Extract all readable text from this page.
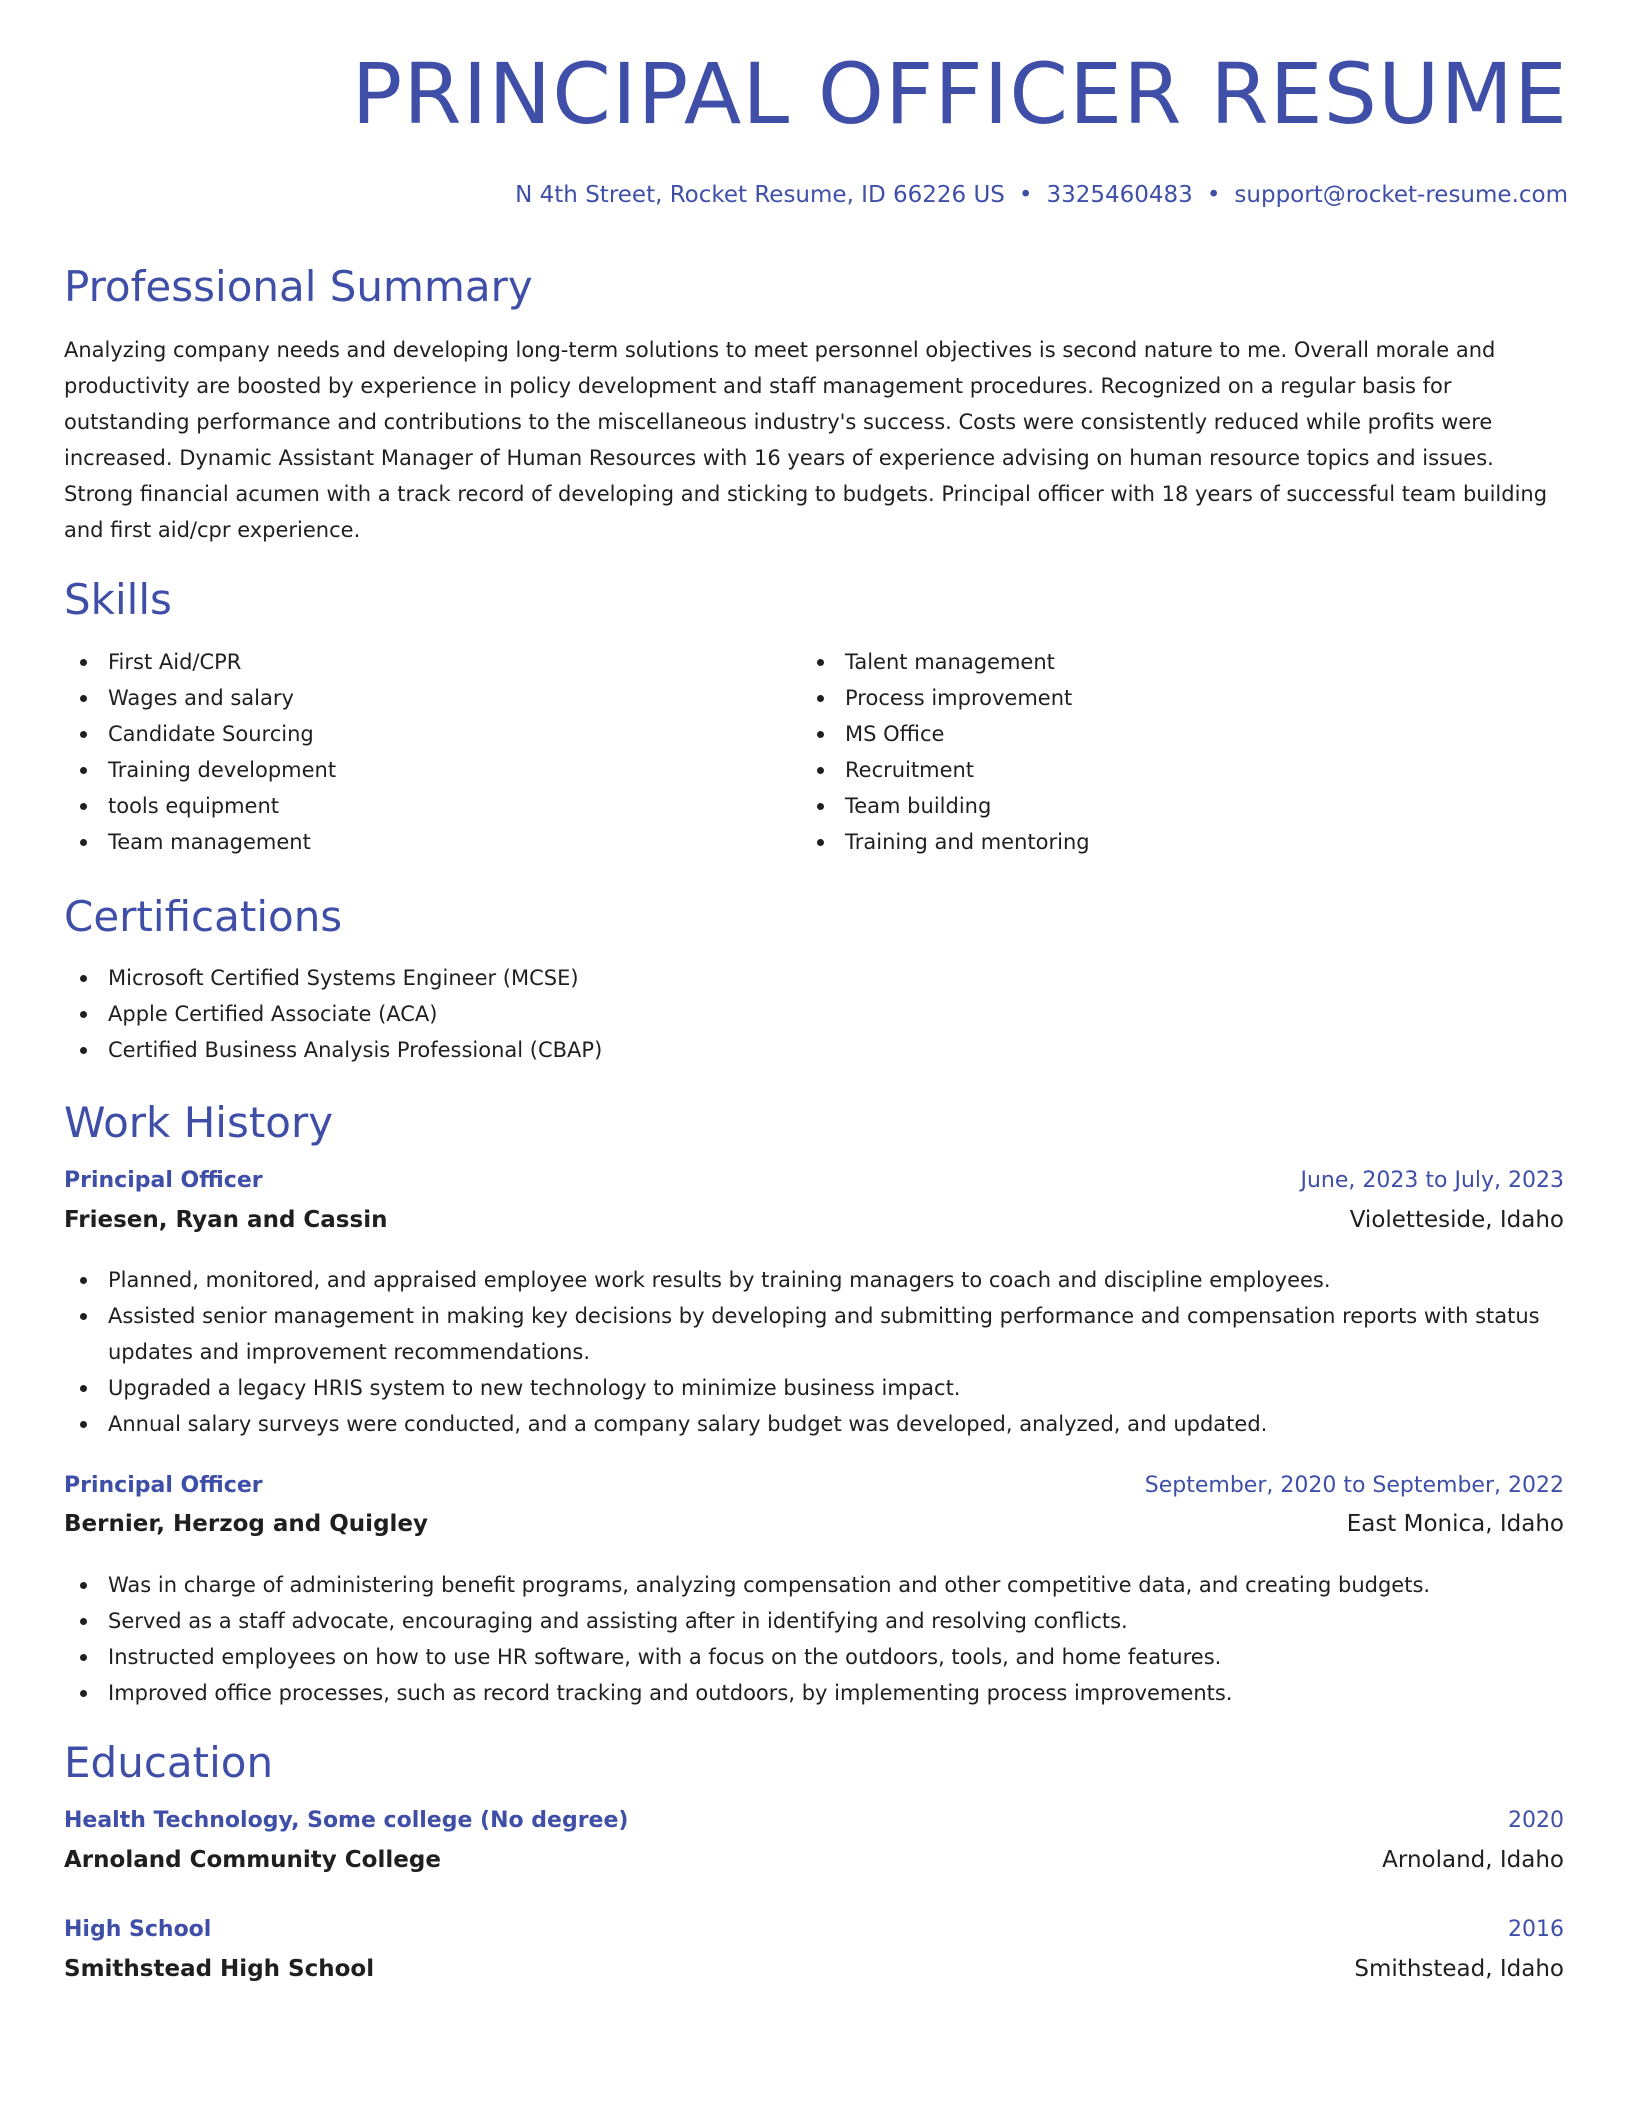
PRINCIPAL OFFICER RESUME
N 4th Street, Rocket Resume, ID 66226 US • 3325460483 • support@rocket-resume.com
Professional Summary

Analyzing company needs and developing long-term solutions to meet personnel objectives is second nature to me. Overall morale and productivity are boosted by experience in policy development and staff management procedures. Recognized on a regular basis for outstanding performance and contributions to the miscellaneous industry's success. Costs were consistently reduced while profits were increased. Dynamic Assistant Manager of Human Resources with 16 years of experience advising on human resource topics and issues. Strong financial acumen with a track record of developing and sticking to budgets. Principal officer with 18 years of successful team building and first aid/cpr experience.

Skills
First Aid/CPR
Wages and salary
Candidate Sourcing
Training development
tools equipment
Team management
Talent management
Process improvement
MS Office
Recruitment
Team building
Training and mentoring
Certifications
Microsoft Certified Systems Engineer (MCSE)
Apple Certified Associate (ACA)
Certified Business Analysis Professional (CBAP)
Work History
Principal Officer	June, 2023 to July, 2023
Friesen, Ryan and Cassin	Violetteside, Idaho
Planned, monitored, and appraised employee work results by training managers to coach and discipline employees.
Assisted senior management in making key decisions by developing and submitting performance and compensation reports with status updates and improvement recommendations.
Upgraded a legacy HRIS system to new technology to minimize business impact.
Annual salary surveys were conducted, and a company salary budget was developed, analyzed, and updated.
Principal Officer	September, 2020 to September, 2022
Bernier, Herzog and Quigley	East Monica, Idaho
Was in charge of administering benefit programs, analyzing compensation and other competitive data, and creating budgets.
Served as a staff advocate, encouraging and assisting after in identifying and resolving conflicts.
Instructed employees on how to use HR software, with a focus on the outdoors, tools, and home features.
Improved office processes, such as record tracking and outdoors, by implementing process improvements.
Education
Health Technology, Some college (No degree)	2020
Arnoland Community College	Arnoland, Idaho
High School	2016
Smithstead High School	Smithstead, Idaho
